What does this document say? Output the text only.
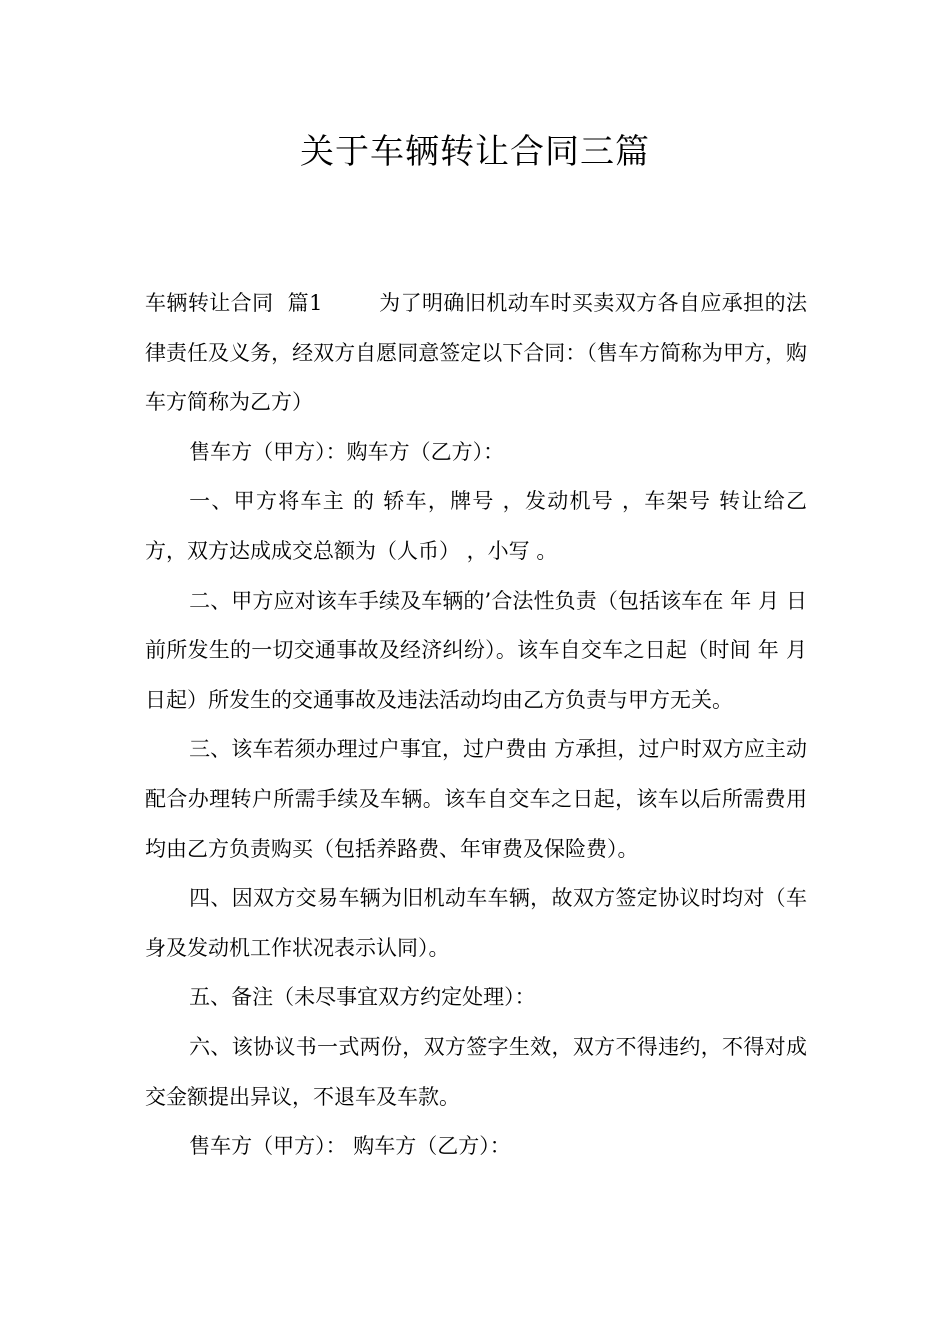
关于车辆转让合同三篇

车辆转让合同  篇1	为了明确旧机动车时买卖双方各自应承担的法律责任及义务，经双方自愿同意签定以下合同：（售车方简称为甲方，购车方简称为乙方）

售车方（甲方）：购车方（乙方）：

一、甲方将车主 的 轿车，牌号 ，发动机号 ，车架号 转让给乙方，双方达成成交总额为（人币） ，小写 。

二、甲方应对该车手续及车辆的’合法性负责（包括该车在 年 月 日前所发生的一切交通事故及经济纠纷）。该车自交车之日起（时间 年 月 日起）所发生的交通事故及违法活动均由乙方负责与甲方无关。

三、该车若须办理过户事宜，过户费由 方承担，过户时双方应主动配合办理转户所需手续及车辆。该车自交车之日起，该车以后所需费用均由乙方负责购买（包括养路费、年审费及保险费）。

四、因双方交易车辆为旧机动车车辆，故双方签定协议时均对（车身及发动机工作状况表示认同）。

五、备注（未尽事宜双方约定处理）：

六、该协议书一式两份，双方签字生效，双方不得违约，不得对成交金额提出异议，不退车及车款。

售车方（甲方）： 购车方（乙方）：
